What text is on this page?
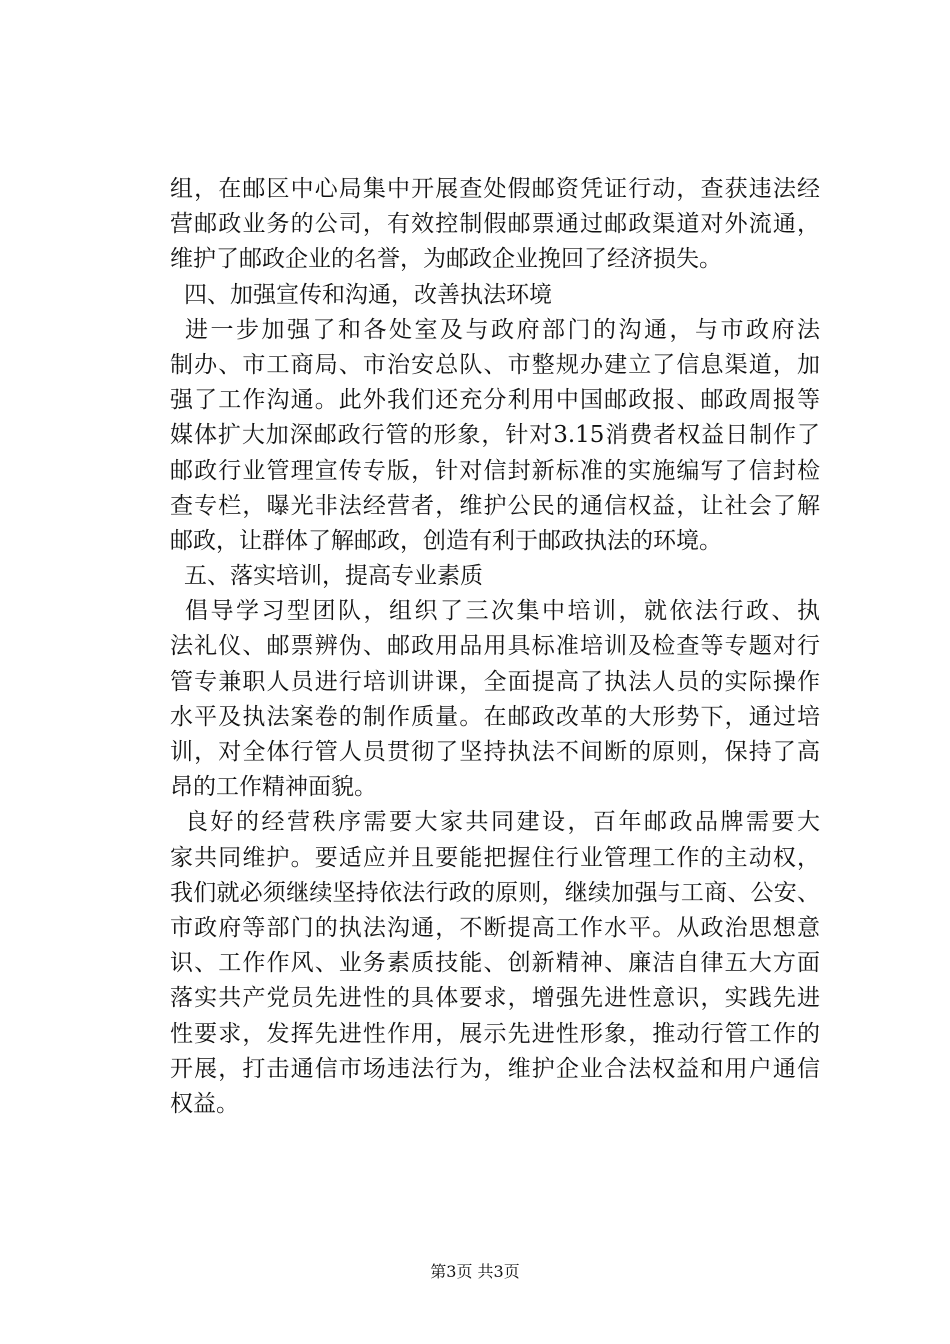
组，在邮区中心局集中开展查处假邮资凭证行动，查获违法经
营邮政业务的公司，有效控制假邮票通过邮政渠道对外流通，
维护了邮政企业的名誉，为邮政企业挽回了经济损失。
四、加强宣传和沟通，改善执法环境
进一步加强了和各处室及与政府部门的沟通，与市政府法
制办、市工商局、市治安总队、市整规办建立了信息渠道，加
强了工作沟通。此外我们还充分利用中国邮政报、邮政周报等
媒体扩大加深邮政行管的形象，针对3.15消费者权益日制作了
邮政行业管理宣传专版，针对信封新标准的实施编写了信封检
查专栏，曝光非法经营者，维护公民的通信权益，让社会了解
邮政，让群体了解邮政，创造有利于邮政执法的环境。
五、落实培训，提高专业素质
倡导学习型团队，组织了三次集中培训，就依法行政、执
法礼仪、邮票辨伪、邮政用品用具标准培训及检查等专题对行
管专兼职人员进行培训讲课，全面提高了执法人员的实际操作
水平及执法案卷的制作质量。在邮政改革的大形势下，通过培
训，对全体行管人员贯彻了坚持执法不间断的原则，保持了高
昂的工作精神面貌。
良好的经营秩序需要大家共同建设，百年邮政品牌需要大
家共同维护。要适应并且要能把握住行业管理工作的主动权，
我们就必须继续坚持依法行政的原则，继续加强与工商、公安、
市政府等部门的执法沟通，不断提高工作水平。从政治思想意
识、工作作风、业务素质技能、创新精神、廉洁自律五大方面
落实共产党员先进性的具体要求，增强先进性意识，实践先进
性要求，发挥先进性作用，展示先进性形象，推动行管工作的
开展，打击通信市场违法行为，维护企业合法权益和用户通信
权益。
第3页 共3页
